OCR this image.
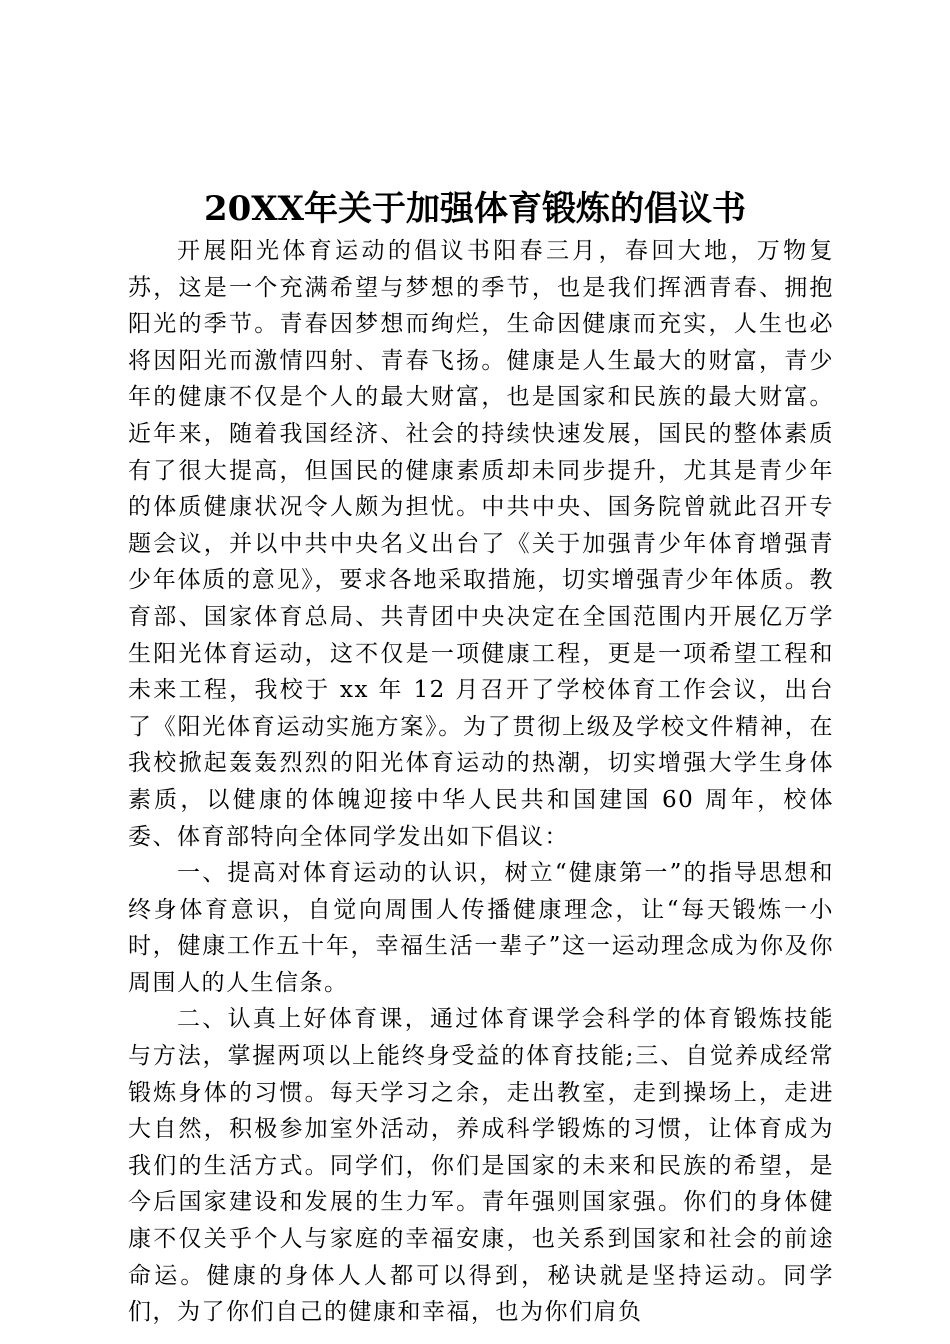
20XX年关于加强体育锻炼的倡议书

开展阳光体育运动的倡议书阳春三月，春回大地，万物复苏，这是一个充满希望与梦想的季节，也是我们挥洒青春、拥抱阳光的季节。青春因梦想而绚烂，生命因健康而充实，人生也必将因阳光而激情四射、青春飞扬。健康是人生最大的财富，青少年的健康不仅是个人的最大财富，也是国家和民族的最大财富。近年来，随着我国经济、社会的持续快速发展，国民的整体素质有了很大提高，但国民的健康素质却未同步提升，尤其是青少年的体质健康状况令人颇为担忧。中共中央、国务院曾就此召开专题会议，并以中共中央名义出台了《关于加强青少年体育增强青少年体质的意见》，要求各地采取措施，切实增强青少年体质。教育部、国家体育总局、共青团中央决定在全国范围内开展亿万学生阳光体育运动，这不仅是一项健康工程，更是一项希望工程和未来工程，我校于 xx 年 12 月召开了学校体育工作会议，出台了《阳光体育运动实施方案》。为了贯彻上级及学校文件精神，在我校掀起轰轰烈烈的阳光体育运动的热潮，切实增强大学生身体素质，以健康的体魄迎接中华人民共和国建国 60 周年，校体委、体育部特向全体同学发出如下倡议：

一、提高对体育运动的认识，树立“健康第一”的指导思想和终身体育意识，自觉向周围人传播健康理念，让“每天锻炼一小时，健康工作五十年，幸福生活一辈子”这一运动理念成为你及你周围人的人生信条。

二、认真上好体育课，通过体育课学会科学的体育锻炼技能与方法，掌握两项以上能终身受益的体育技能;三、自觉养成经常锻炼身体的习惯。每天学习之余，走出教室，走到操场上，走进大自然，积极参加室外活动，养成科学锻炼的习惯，让体育成为我们的生活方式。同学们，你们是国家的未来和民族的希望，是今后国家建设和发展的生力军。青年强则国家强。你们的身体健康不仅关乎个人与家庭的幸福安康，也关系到国家和社会的前途命运。健康的身体人人都可以得到，秘诀就是坚持运动。同学们，为了你们自己的健康和幸福，也为你们肩负
